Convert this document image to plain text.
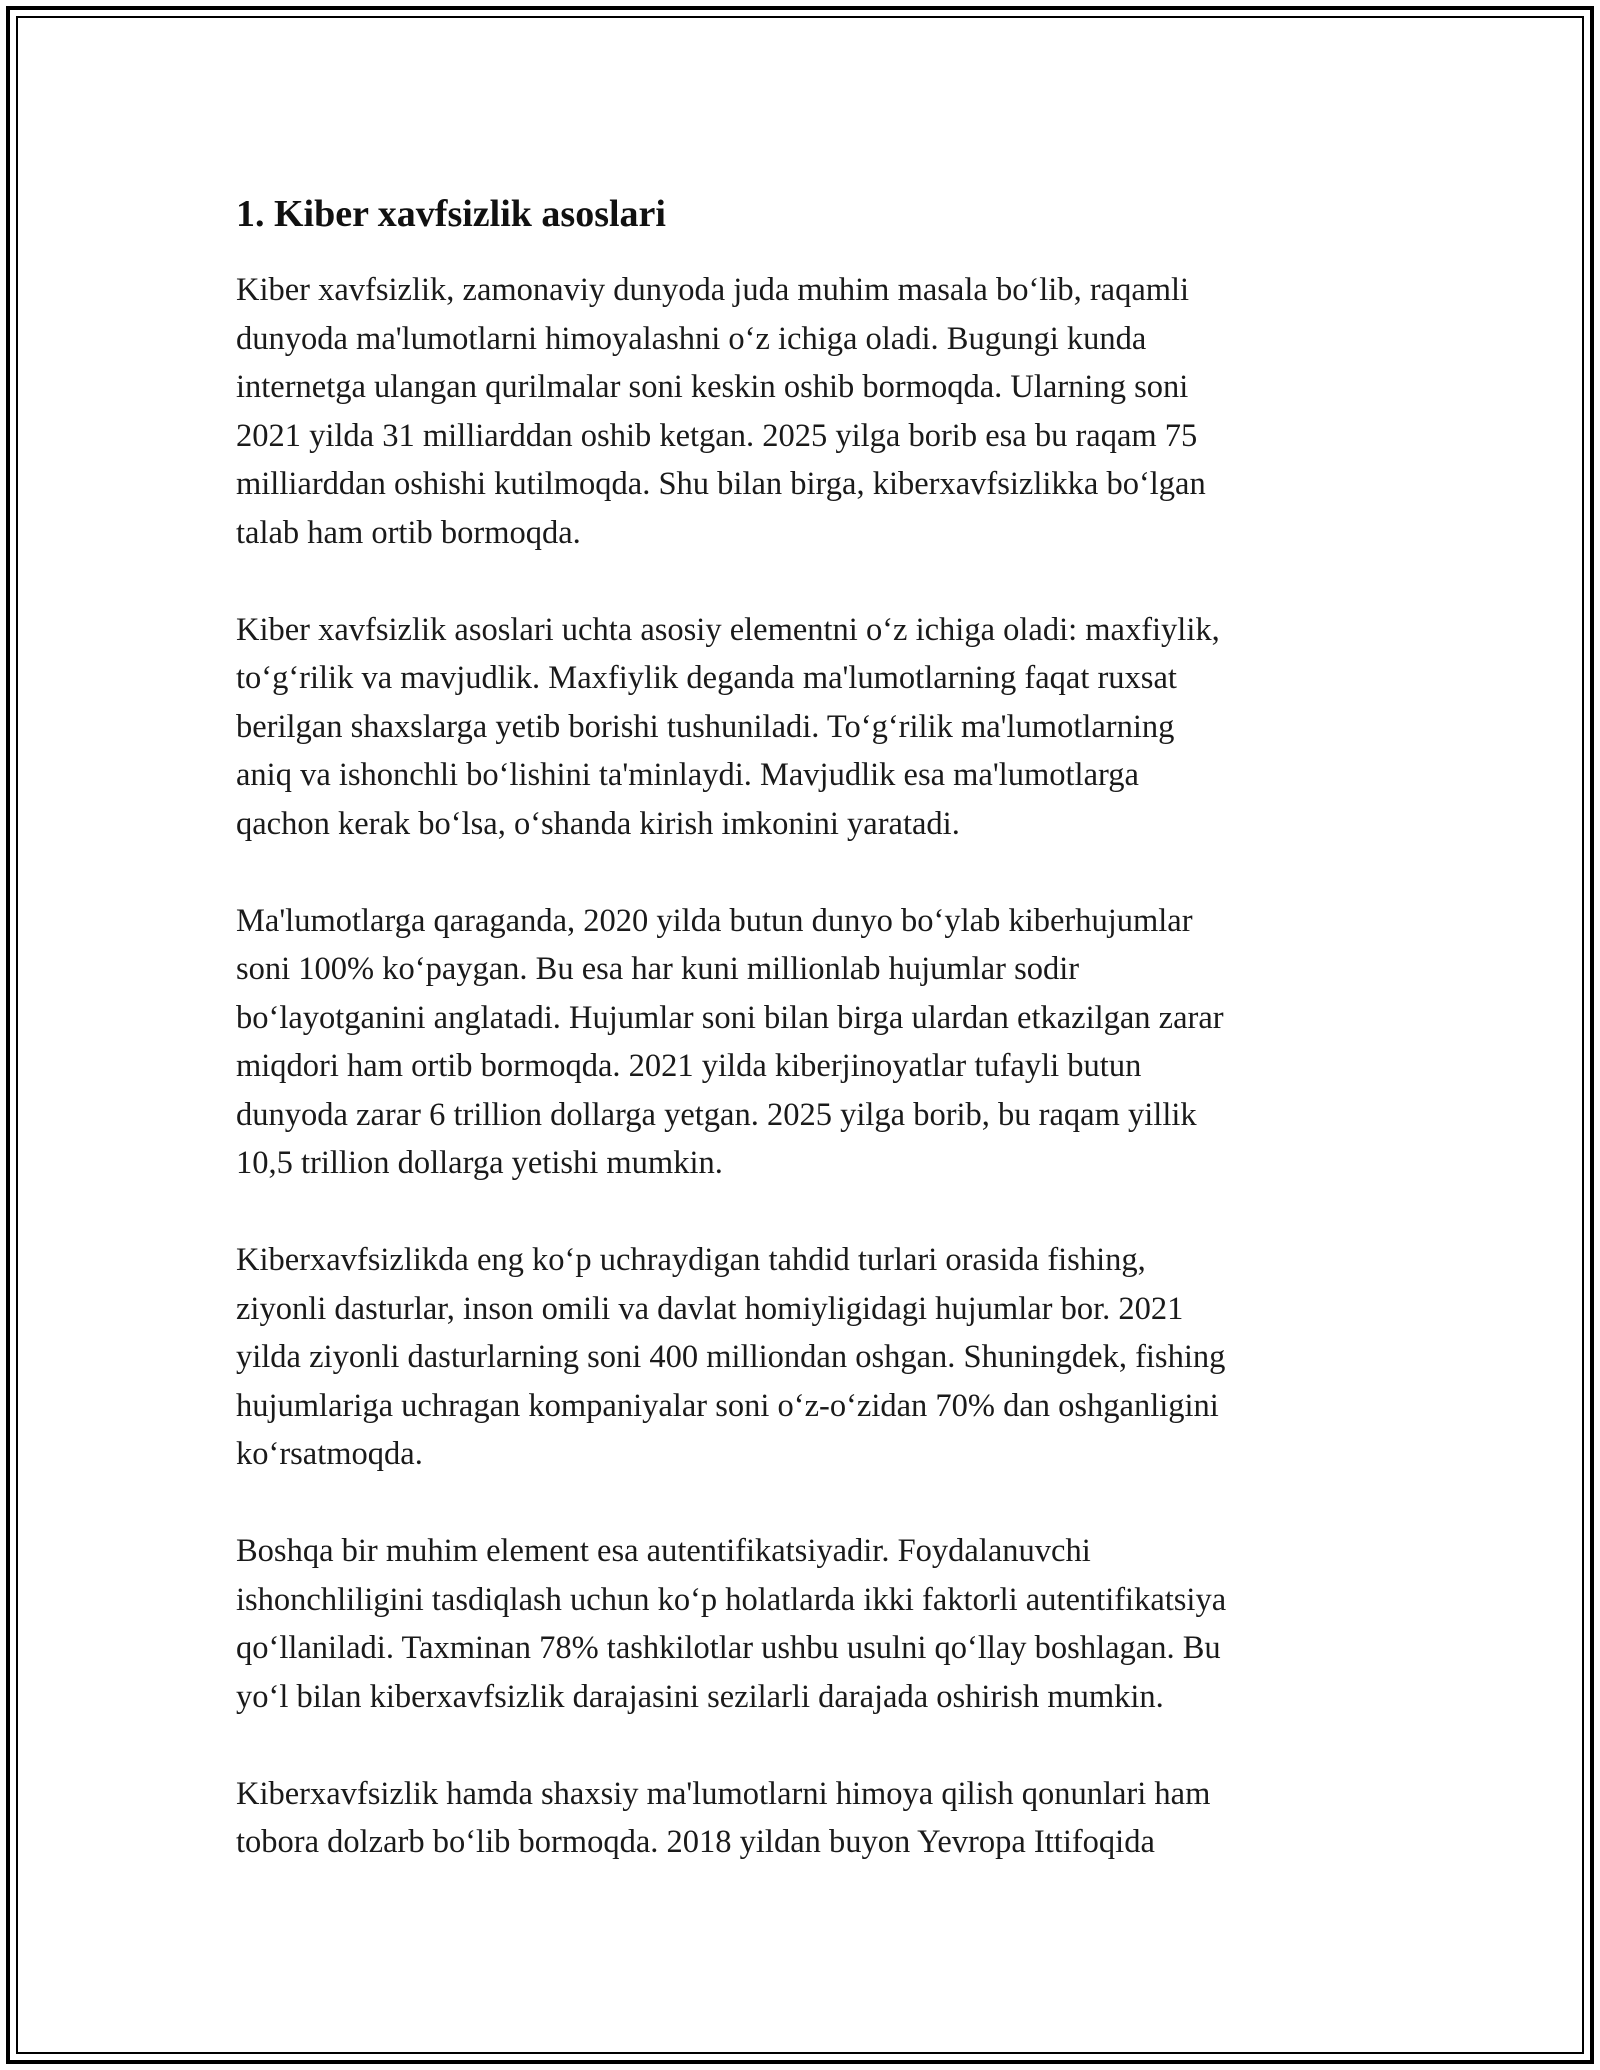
1. Kiber xavfsizlik asoslari

Kiber xavfsizlik, zamonaviy dunyoda juda muhim masala boʻlib, raqamli
dunyoda ma'lumotlarni himoyalashni oʻz ichiga oladi. Bugungi kunda
internetga ulangan qurilmalar soni keskin oshib bormoqda. Ularning soni
2021 yilda 31 milliarddan oshib ketgan. 2025 yilga borib esa bu raqam 75
milliarddan oshishi kutilmoqda. Shu bilan birga, kiberxavfsizlikka boʻlgan
talab ham ortib bormoqda.

Kiber xavfsizlik asoslari uchta asosiy elementni oʻz ichiga oladi: maxfiylik,
toʻgʻrilik va mavjudlik. Maxfiylik deganda ma'lumotlarning faqat ruxsat
berilgan shaxslarga yetib borishi tushuniladi. Toʻgʻrilik ma'lumotlarning
aniq va ishonchli boʻlishini ta'minlaydi. Mavjudlik esa ma'lumotlarga
qachon kerak boʻlsa, oʻshanda kirish imkonini yaratadi.

Ma'lumotlarga qaraganda, 2020 yilda butun dunyo boʻylab kiberhujumlar
soni 100% koʻpaygan. Bu esa har kuni millionlab hujumlar sodir
boʻlayotganini anglatadi. Hujumlar soni bilan birga ulardan etkazilgan zarar
miqdori ham ortib bormoqda. 2021 yilda kiberjinoyatlar tufayli butun
dunyoda zarar 6 trillion dollarga yetgan. 2025 yilga borib, bu raqam yillik
10,5 trillion dollarga yetishi mumkin.

Kiberxavfsizlikda eng koʻp uchraydigan tahdid turlari orasida fishing,
ziyonli dasturlar, inson omili va davlat homiyligidagi hujumlar bor. 2021
yilda ziyonli dasturlarning soni 400 milliondan oshgan. Shuningdek, fishing
hujumlariga uchragan kompaniyalar soni oʻz-oʻzidan 70% dan oshganligini
koʻrsatmoqda.

Boshqa bir muhim element esa autentifikatsiyadir. Foydalanuvchi
ishonchliligini tasdiqlash uchun koʻp holatlarda ikki faktorli autentifikatsiya
qoʻllaniladi. Taxminan 78% tashkilotlar ushbu usulni qoʻllay boshlagan. Bu
yoʻl bilan kiberxavfsizlik darajasini sezilarli darajada oshirish mumkin.

Kiberxavfsizlik hamda shaxsiy ma'lumotlarni himoya qilish qonunlari ham
tobora dolzarb boʻlib bormoqda. 2018 yildan buyon Yevropa Ittifoqida
